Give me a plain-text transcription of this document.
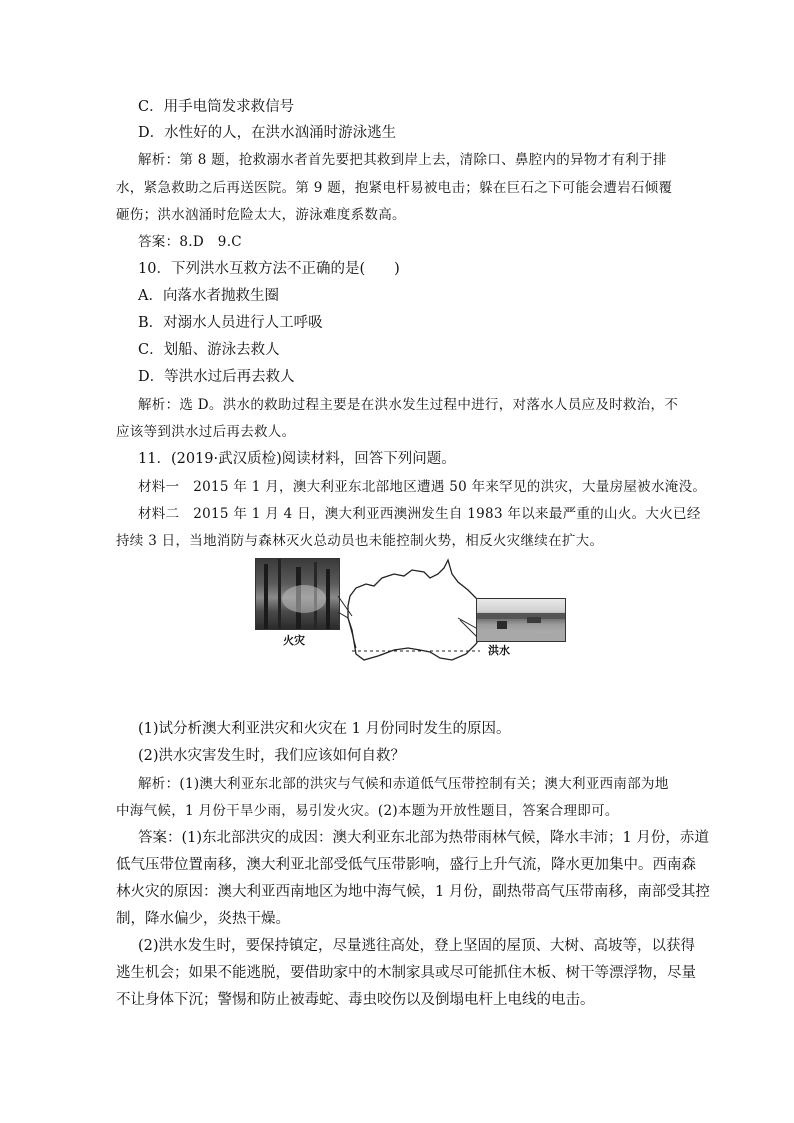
C．用手电筒发求救信号
D．水性好的人，在洪水汹涌时游泳逃生
解析：第 8 题，抢救溺水者首先要把其救到岸上去，清除口、鼻腔内的异物才有利于排
水，紧急救助之后再送医院。第 9 题，抱紧电杆易被电击；躲在巨石之下可能会遭岩石倾覆
砸伤；洪水汹涌时危险太大，游泳难度系数高。
答案：8.D　9.C
10．下列洪水互救方法不正确的是(　　)
A．向落水者抛救生圈
B．对溺水人员进行人工呼吸
C．划船、游泳去救人
D．等洪水过后再去救人
解析：选 D。洪水的救助过程主要是在洪水发生过程中进行，对落水人员应及时救治，不
应该等到洪水过后再去救人。
11．(2019·武汉质检)阅读材料，回答下列问题。
材料一　2015 年 1 月，澳大利亚东北部地区遭遇 50 年来罕见的洪灾，大量房屋被水淹没。
材料二　2015 年 1 月 4 日，澳大利亚西澳洲发生自 1983 年以来最严重的山火。大火已经
持续 3 日，当地消防与森林灭火总动员也未能控制火势，相反火灾继续在扩大。
火灾
洪水
(1)试分析澳大利亚洪灾和火灾在 1 月份同时发生的原因。
(2)洪水灾害发生时，我们应该如何自救？
解析：(1)澳大利亚东北部的洪灾与气候和赤道低气压带控制有关；澳大利亚西南部为地
中海气候，1 月份干旱少雨，易引发火灾。(2)本题为开放性题目，答案合理即可。
答案：(1)东北部洪灾的成因：澳大利亚东北部为热带雨林气候，降水丰沛；1 月份，赤道
低气压带位置南移，澳大利亚北部受低气压带影响，盛行上升气流，降水更加集中。西南森
林火灾的原因：澳大利亚西南地区为地中海气候，1 月份，副热带高气压带南移，南部受其控
制，降水偏少，炎热干燥。
(2)洪水发生时，要保持镇定，尽量逃往高处，登上坚固的屋顶、大树、高坡等，以获得
逃生机会；如果不能逃脱，要借助家中的木制家具或尽可能抓住木板、树干等漂浮物，尽量
不让身体下沉；警惕和防止被毒蛇、毒虫咬伤以及倒塌电杆上电线的电击。
